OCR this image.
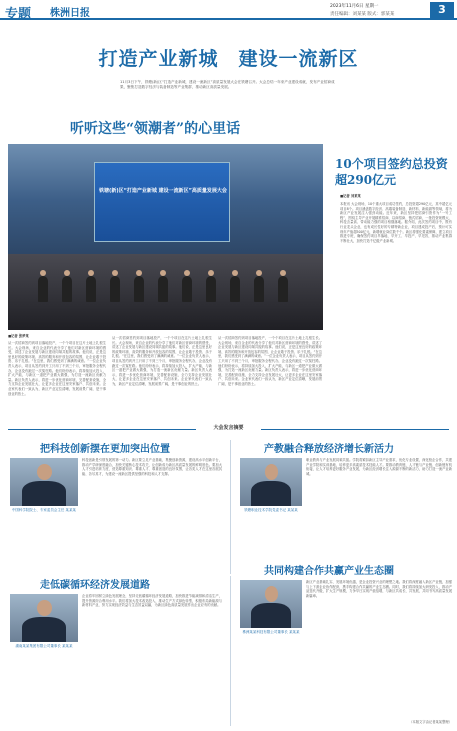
专题 株洲日报
2023年11月6日 星期一
责任编辑：刘某某 版式：郭某某	3
打造产业新城　建设一流新区
11月3日下午，铁塘(新)区“打造产业新城，建设一流新区”高质量发展大会在铁塘召开。大会总结一年来产业建设成就，发布产业招商成果，聚焦打造数字经济与装备制造等产业集群，推动新区高质量发展。
听听这些“领潮者”的心里话
铁塘(新)区“打造产业新城 建设一流新区”高质量发展大会
■记者 张梦某
从一次招商签约到项目落地投产，一个个项目在这片土地上扎根生长。大会现场，来自企业的代表分享了他们对新区营商环境的感受，讲述了企业发展与新区建设同频共振的故事。他们说，正是这里良好的政策环境、高效的服务和开放包容的氛围，让企业敢于投资、乐于扎根。“在这里，我们感受到了满满的诚意。”一位企业负责人表示，项目从签约到开工只用了不到三个月，审批服务全程代办，企业没有跑过一次冤枉路。他们纷纷表示，将持续加大投入，扩大产能，与新区一道把产业做大做强，为打造一流新区贡献力量。新区负责人表示，将进一步优化营商环境，完善配套设施，全力支持企业发展壮大，让更多企业在这里安家落户、共创未来。企业家代表们一致认为，新区产业定位清晰，发展前景广阔，是干事创业的热土。
从一次招商签约到项目落地投产，一个个项目在这片土地上扎根生长。大会现场，来自企业的代表分享了他们对新区营商环境的感受，讲述了企业发展与新区建设同频共振的故事。他们说，正是这里良好的政策环境、高效的服务和开放包容的氛围，让企业敢于投资、乐于扎根。“在这里，我们感受到了满满的诚意。”一位企业负责人表示，项目从签约到开工只用了不到三个月，审批服务全程代办，企业没有跑过一次冤枉路。他们纷纷表示，将持续加大投入，扩大产能，与新区一道把产业做大做强，为打造一流新区贡献力量。新区负责人表示，将进一步优化营商环境，完善配套设施，全力支持企业发展壮大，让更多企业在这里安家落户、共创未来。企业家代表们一致认为，新区产业定位清晰，发展前景广阔，是干事创业的热土。
从一次招商签约到项目落地投产，一个个项目在这片土地上扎根生长。大会现场，来自企业的代表分享了他们对新区营商环境的感受，讲述了企业发展与新区建设同频共振的故事。他们说，正是这里良好的政策环境、高效的服务和开放包容的氛围，让企业敢于投资、乐于扎根。“在这里，我们感受到了满满的诚意。”一位企业负责人表示，项目从签约到开工只用了不到三个月，审批服务全程代办，企业没有跑过一次冤枉路。他们纷纷表示，将持续加大投入，扩大产能，与新区一道把产业做大做强，为打造一流新区贡献力量。新区负责人表示，将进一步优化营商环境，完善配套设施，全力支持企业发展壮大，让更多企业在这里安家落户、共创未来。企业家代表们一致认为，新区产业定位清晰，发展前景广阔，是干事创业的热土。
10个项目签约总投资超290亿元
■记者 刘某某
本报讯 大会现场，10个重大项目成功签约，总投资超290亿元，其中超亿元项目8个。项目涵盖数字经济、高端装备制造、新材料、新能源等领域，将为新区产业发展注入强劲动能。近年来，新区坚持把招商引资作为“一号工程”，围绕主导产业开展精准招商、以商招商、链式招商，一批投资规模大、科技含量高、带动能力强的项目相继落地。据介绍，此次签约项目中，既有行业龙头企业，也有成长性好的专精特新企业，项目建成投产后，预计可实现年产值超500亿元，新增就业岗位数千个。新区将强化要素保障，建立项目推进专班，确保签约项目早落地、早开工、早投产、早见效，推动产业集群不断壮大，加快打造千亿级产业新城。
大会发言摘要
把科技创新摆在更加突出位置
中国科学院院士、专家委员会主任 某某某
科技创新是引领发展的第一动力。新区要立足产业基础，集聚创新资源，建设高水平创新平台，推动产学研深度融合，加快关键核心技术攻关，让创新成为新区高质量发展的鲜明底色。要加大人才引进培育力度，营造尊重知识、尊重人才、尊重创造的良好氛围，让各类人才在这里各展其能、各尽其才，为建设一流新区提供坚强的科技和人才支撑。
产教融合释放经济增长新活力
铁塘职业技术学院党委书记 某某某
职业教育与产业发展同频共振。学院将紧扣新区主导产业需求，优化专业设置，深化校企合作，共建产业学院和实训基地，培养更多高素质技术技能人才。要推动教育链、人才链与产业链、创新链有机衔接，让人才培养更好服务产业发展，为新区经济增长注入源源不断的新活力，助力打造一流产业新城。
走低碳循环经济发展道路
湖南某某集团有限公司董事长 某某某
企业将牢固树立绿色发展理念，坚持走低碳循环经济发展道路，加快推进节能减排和清洁生产，提升资源综合利用水平。我们将加大技术改造投入，推动生产方式绿色转型，积极布局新能源与新材料产业，努力实现经济效益与生态效益双赢，为新区绿色高质量发展作出企业应有的贡献。
共同构建合作共赢产业生态圈
株洲某某科技有限公司董事长 某某某
新区产业基础扎实、发展环境优越，是企业投资兴业的理想之地。我们将深度融入新区产业链，加强与上下游企业协作配套，携手构建合作共赢的产业生态圈。同时，我们将持续加大研发投入，推动产品迭代升级，扩大生产规模，力争早日实现产值倍增，与新区共成长、共发展，共同书写高质量发展新篇章。
（本版文字由记者某某整理）
